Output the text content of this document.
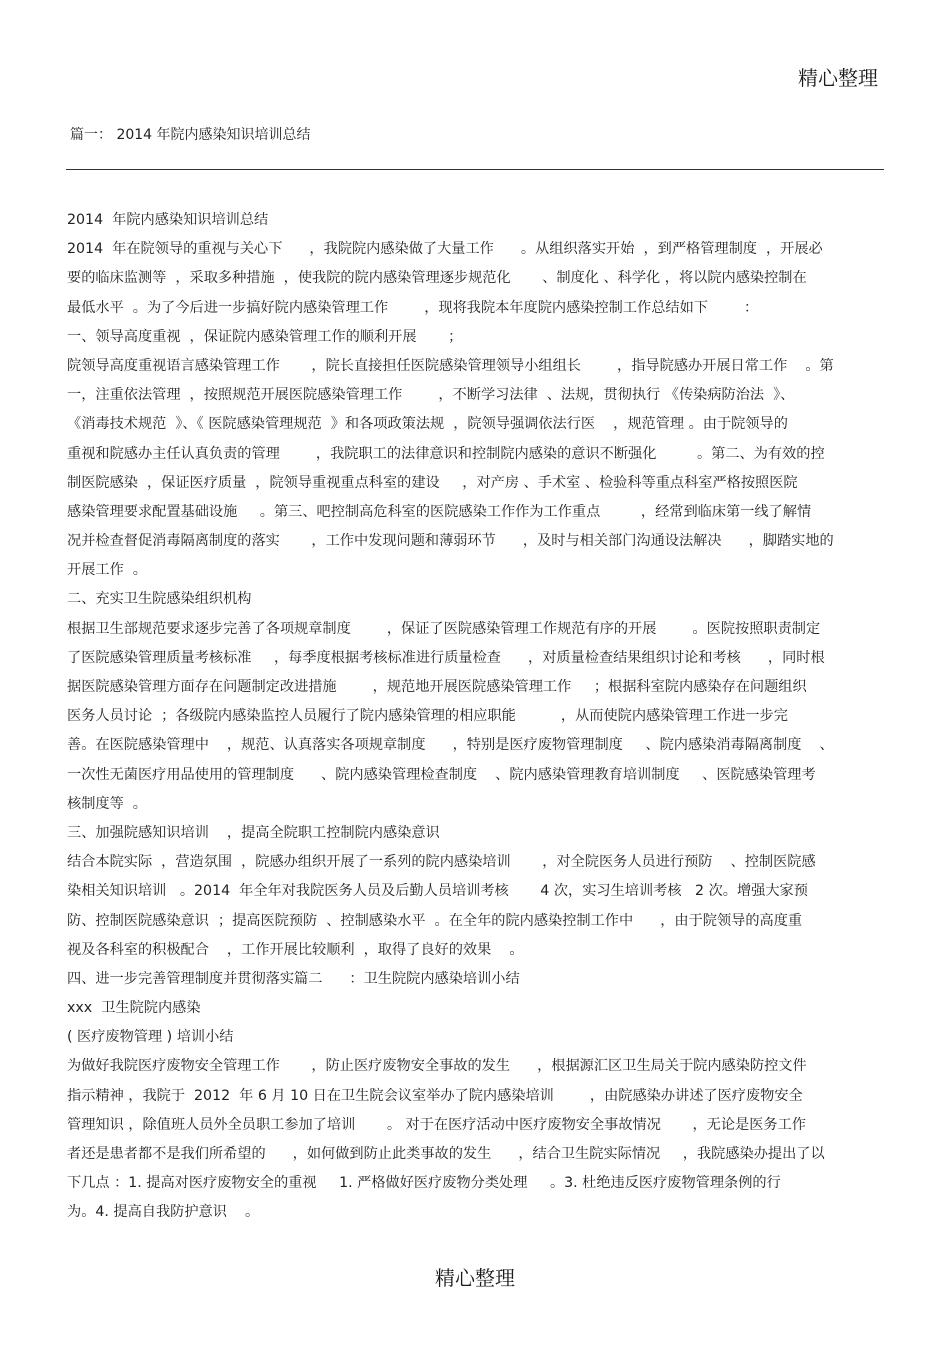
精心整理
篇一： 2014 年院内感染知识培训总结
2014  年院内感染知识培训总结
2014  年在院领导的重视与关心下      ，我院院内感染做了大量工作      。从组织落实开始  ，到严格管理制度  ，开展必
要的临床监测等  ，采取多种措施  ，使我院的院内感染管理逐步规范化       、制度化 、科学化 ，将以院内感染控制在
最低水平  。为了今后进一步搞好院内感染管理工作        ，现将我院本年度院内感染控制工作总结如下        ：
一、领导高度重视  ，保证院内感染管理工作的顺利开展       ；
院领导高度重视语言感染管理工作       ，院长直接担任医院感染管理领导小组组长        ，指导院感办开展日常工作    。第
一，注重依法管理  ，按照规范开展医院感染管理工作        ，不断学习法律  、法规，贯彻执行 《传染病防治法  》、
《消毒技术规范  》、《 医院感染管理规范  》和各项政策法规  ，院领导强调依法行医    ，规范管理 。由于院领导的
重视和院感办主任认真负责的管理        ，我院职工的法律意识和控制院内感染的意识不断强化         。第二、为有效的控
制医院感染  ，保证医疗质量  ，院领导重视重点科室的建设     ，对产房 、手术室 、检验科等重点科室严格按照医院
感染管理要求配置基础设施     。第三、吧控制高危科室的医院感染工作作为工作重点         ，经常到临床第一线了解情
况并检查督促消毒隔离制度的落实       ，工作中发现问题和薄弱环节      ，及时与相关部门沟通设法解决      ，脚踏实地的
开展工作  。
二、充实卫生院感染组织机构
根据卫生部规范要求逐步完善了各项规章制度        ，保证了医院感染管理工作规范有序的开展        。医院按照职责制定
了医院感染管理质量考核标准     ，每季度根据考核标准进行质量检查      ，对质量检查结果组织讨论和考核      ，同时根
据医院感染管理方面存在问题制定改进措施        ，规范地开展医院感染管理工作     ；根据科室院内感染存在问题组织
医务人员讨论  ；各级院内感染监控人员履行了院内感染管理的相应职能          ，从而使院内感染管理工作进一步完
善。在医院感染管理中    ，规范、认真落实各项规章制度      ，特别是医疗废物管理制度     、院内感染消毒隔离制度    、
一次性无菌医疗用品使用的管理制度      、院内感染管理检查制度    、院内感染管理教育培训制度     、医院感染管理考
核制度等  。
三、加强院感知识培训    ，提高全院职工控制院内感染意识
结合本院实际  ，营造氛围  ，院感办组织开展了一系列的院内感染培训       ，对全院医务人员进行预防    、控制医院感
染相关知识培训   。2014  年全年对我院医务人员及后勤人员培训考核       4 次，实习生培训考核   2 次。增强大家预
防、控制医院感染意识  ；提高医院预防  、控制感染水平  。在全年的院内感染控制工作中      ，由于院领导的高度重
视及各科室的积极配合    ，工作开展比较顺利  ，取得了良好的效果    。
四、进一步完善管理制度并贯彻落实篇二      ：卫生院院内感染培训小结
xxx  卫生院院内感染
( 医疗废物管理 ) 培训小结
为做好我院医疗废物安全管理工作       ，防止医疗废物安全事故的发生      ，根据源汇区卫生局关于院内感染防控文件
指示精神 ，我院于  2012  年 6 月 10 日在卫生院会议室举办了院内感染培训        ，由院感染办讲述了医疗废物安全
管理知识 ，除值班人员外全员职工参加了培训       。 对于在医疗活动中医疗废物安全事故情况       ，无论是医务工作
者还是患者都不是我们所希望的      ，如何做到防止此类事故的发生      ，结合卫生院实际情况     ，我院感染办提出了以
下几点 ：1. 提高对医疗废物安全的重视     1. 严格做好医疗废物分类处理     。3. 杜绝违反医疗废物管理条例的行
为。4. 提高自我防护意识    。
精心整理
